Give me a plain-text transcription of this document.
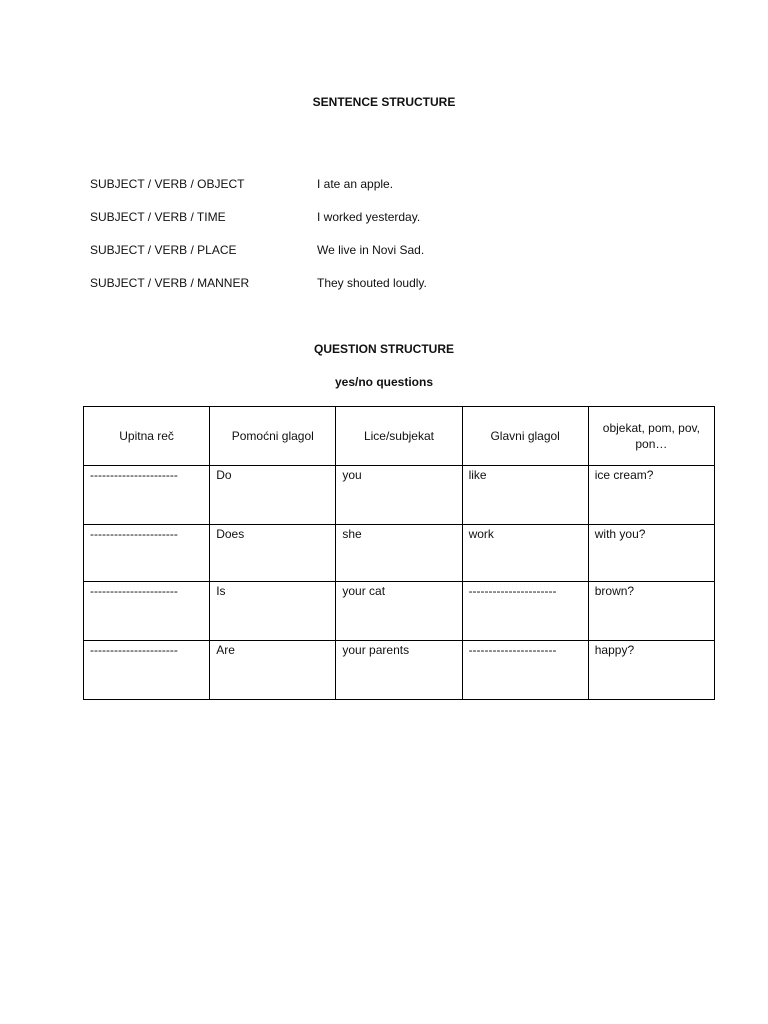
SENTENCE STRUCTURE
SUBJECT / VERB / OBJECT	I ate an apple.
SUBJECT / VERB / TIME	I worked yesterday.
SUBJECT / VERB / PLACE	We live in Novi Sad.
SUBJECT / VERB / MANNER	They shouted loudly.
QUESTION STRUCTURE
yes/no questions
Upitna reč	Pomoćni glagol	Lice/subjekat	Glavni glagol	objekat, pom, pov, pon…
----------------------	Do	you	like	ice cream?
----------------------	Does	she	work	with you?
----------------------	Is	your cat	----------------------	brown?
----------------------	Are	your parents	----------------------	happy?
